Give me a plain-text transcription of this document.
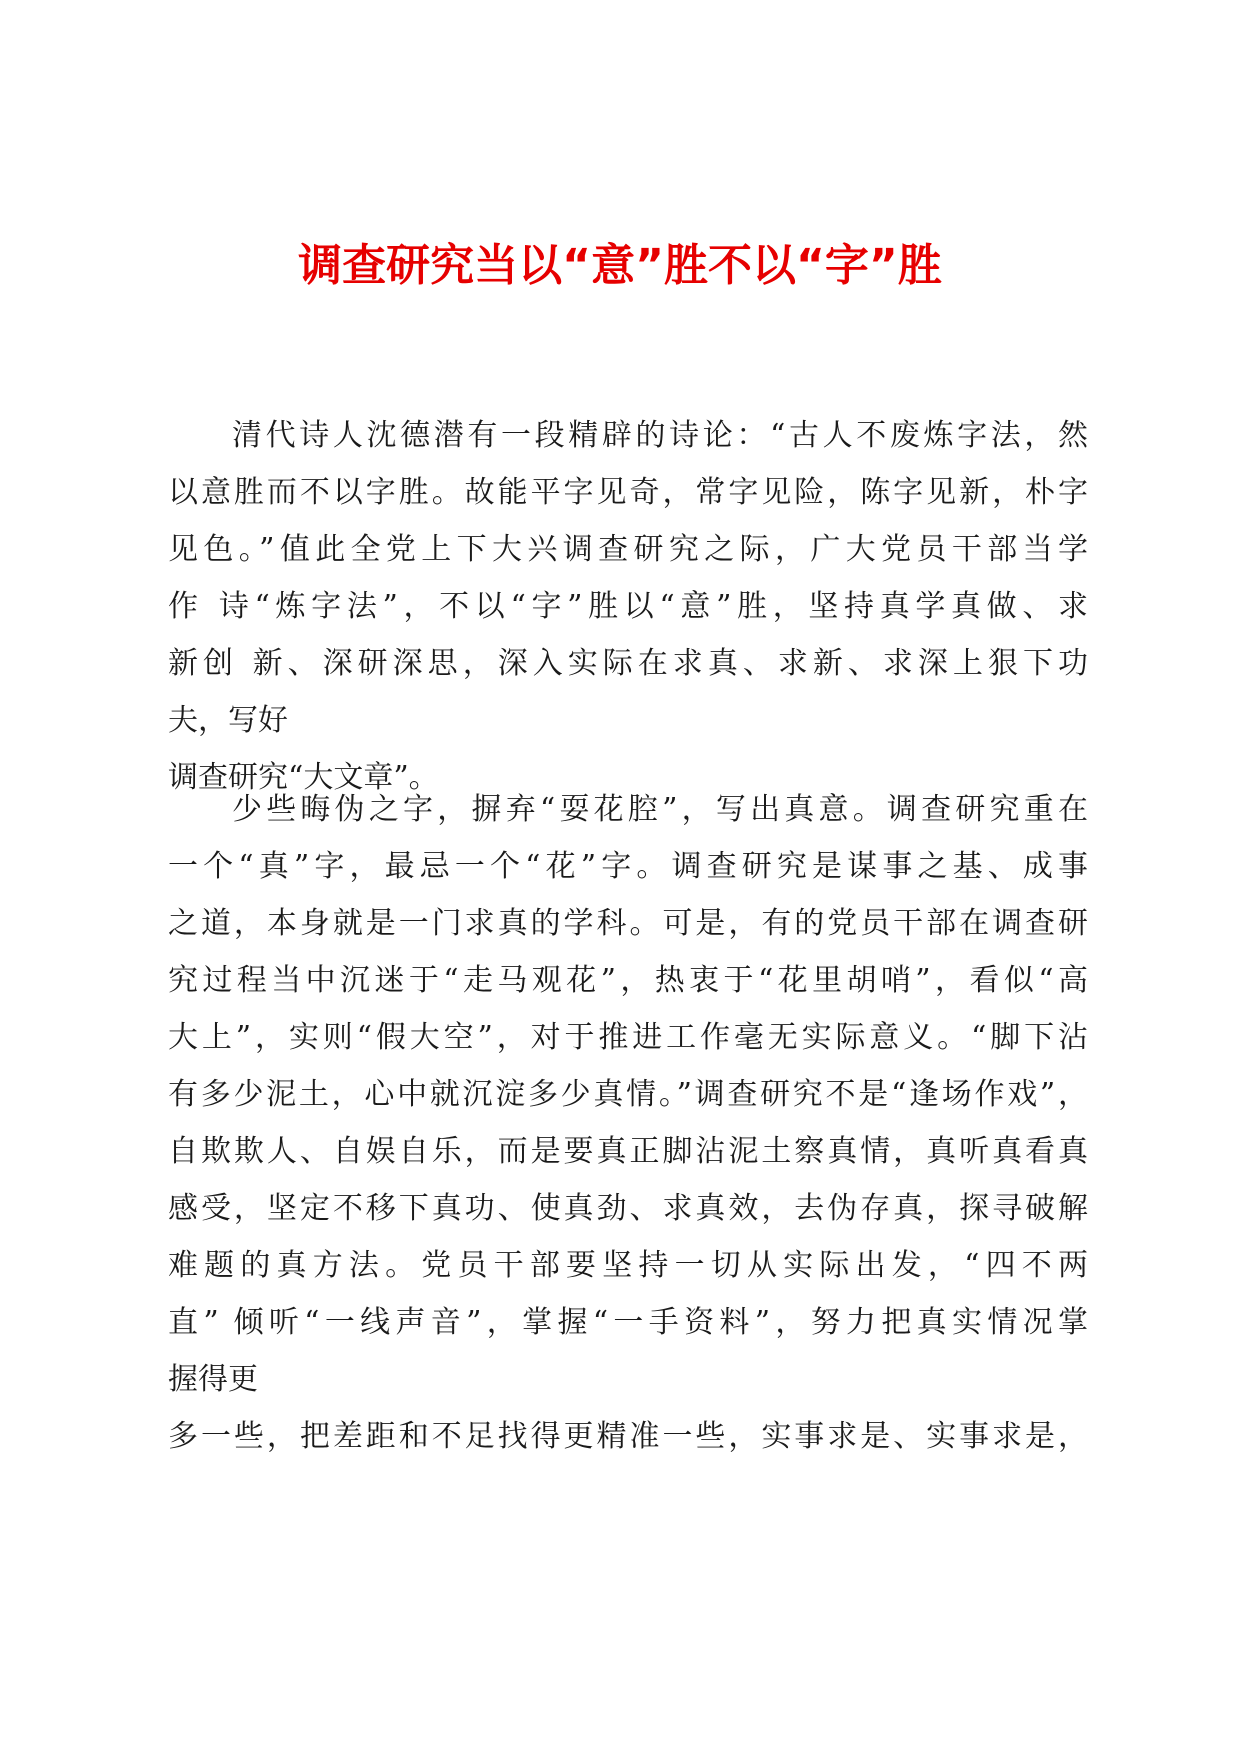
调查研究当以“意”胜不以“字”胜
清代诗人沈德潜有一段精辟的诗论：“古人不废炼字法，然
以意胜而不以字胜。故能平字见奇，常字见险，陈字见新，朴字
见色。”值此全党上下大兴调查研究之际，广大党员干部当学
作 诗“炼字法”，不以“字”胜以“意”胜，坚持真学真做、求
新创 新、深研深思，深入实际在求真、求新、求深上狠下功
夫，写好
调查研究“大文章”。
少些晦伪之字，摒弃“耍花腔”，写出真意。调查研究重在
一个“真”字，最忌一个“花”字。调查研究是谋事之基、成事
之道，本身就是一门求真的学科。可是，有的党员干部在调查研
究过程当中沉迷于“走马观花”，热衷于“花里胡哨”，看似“高
大上”，实则“假大空”，对于推进工作毫无实际意义。“脚下沾
有多少泥土，心中就沉淀多少真情。”调查研究不是“逢场作戏”，
自欺欺人、自娱自乐，而是要真正脚沾泥土察真情，真听真看真
感受，坚定不移下真功、使真劲、求真效，去伪存真，探寻破解
难题的真方法。党员干部要坚持一切从实际出发，“四不两
直” 倾听“一线声音”，掌握“一手资料”，努力把真实情况掌
握得更
多一些，把差距和不足找得更精准一些，实事求是、实事求是，
